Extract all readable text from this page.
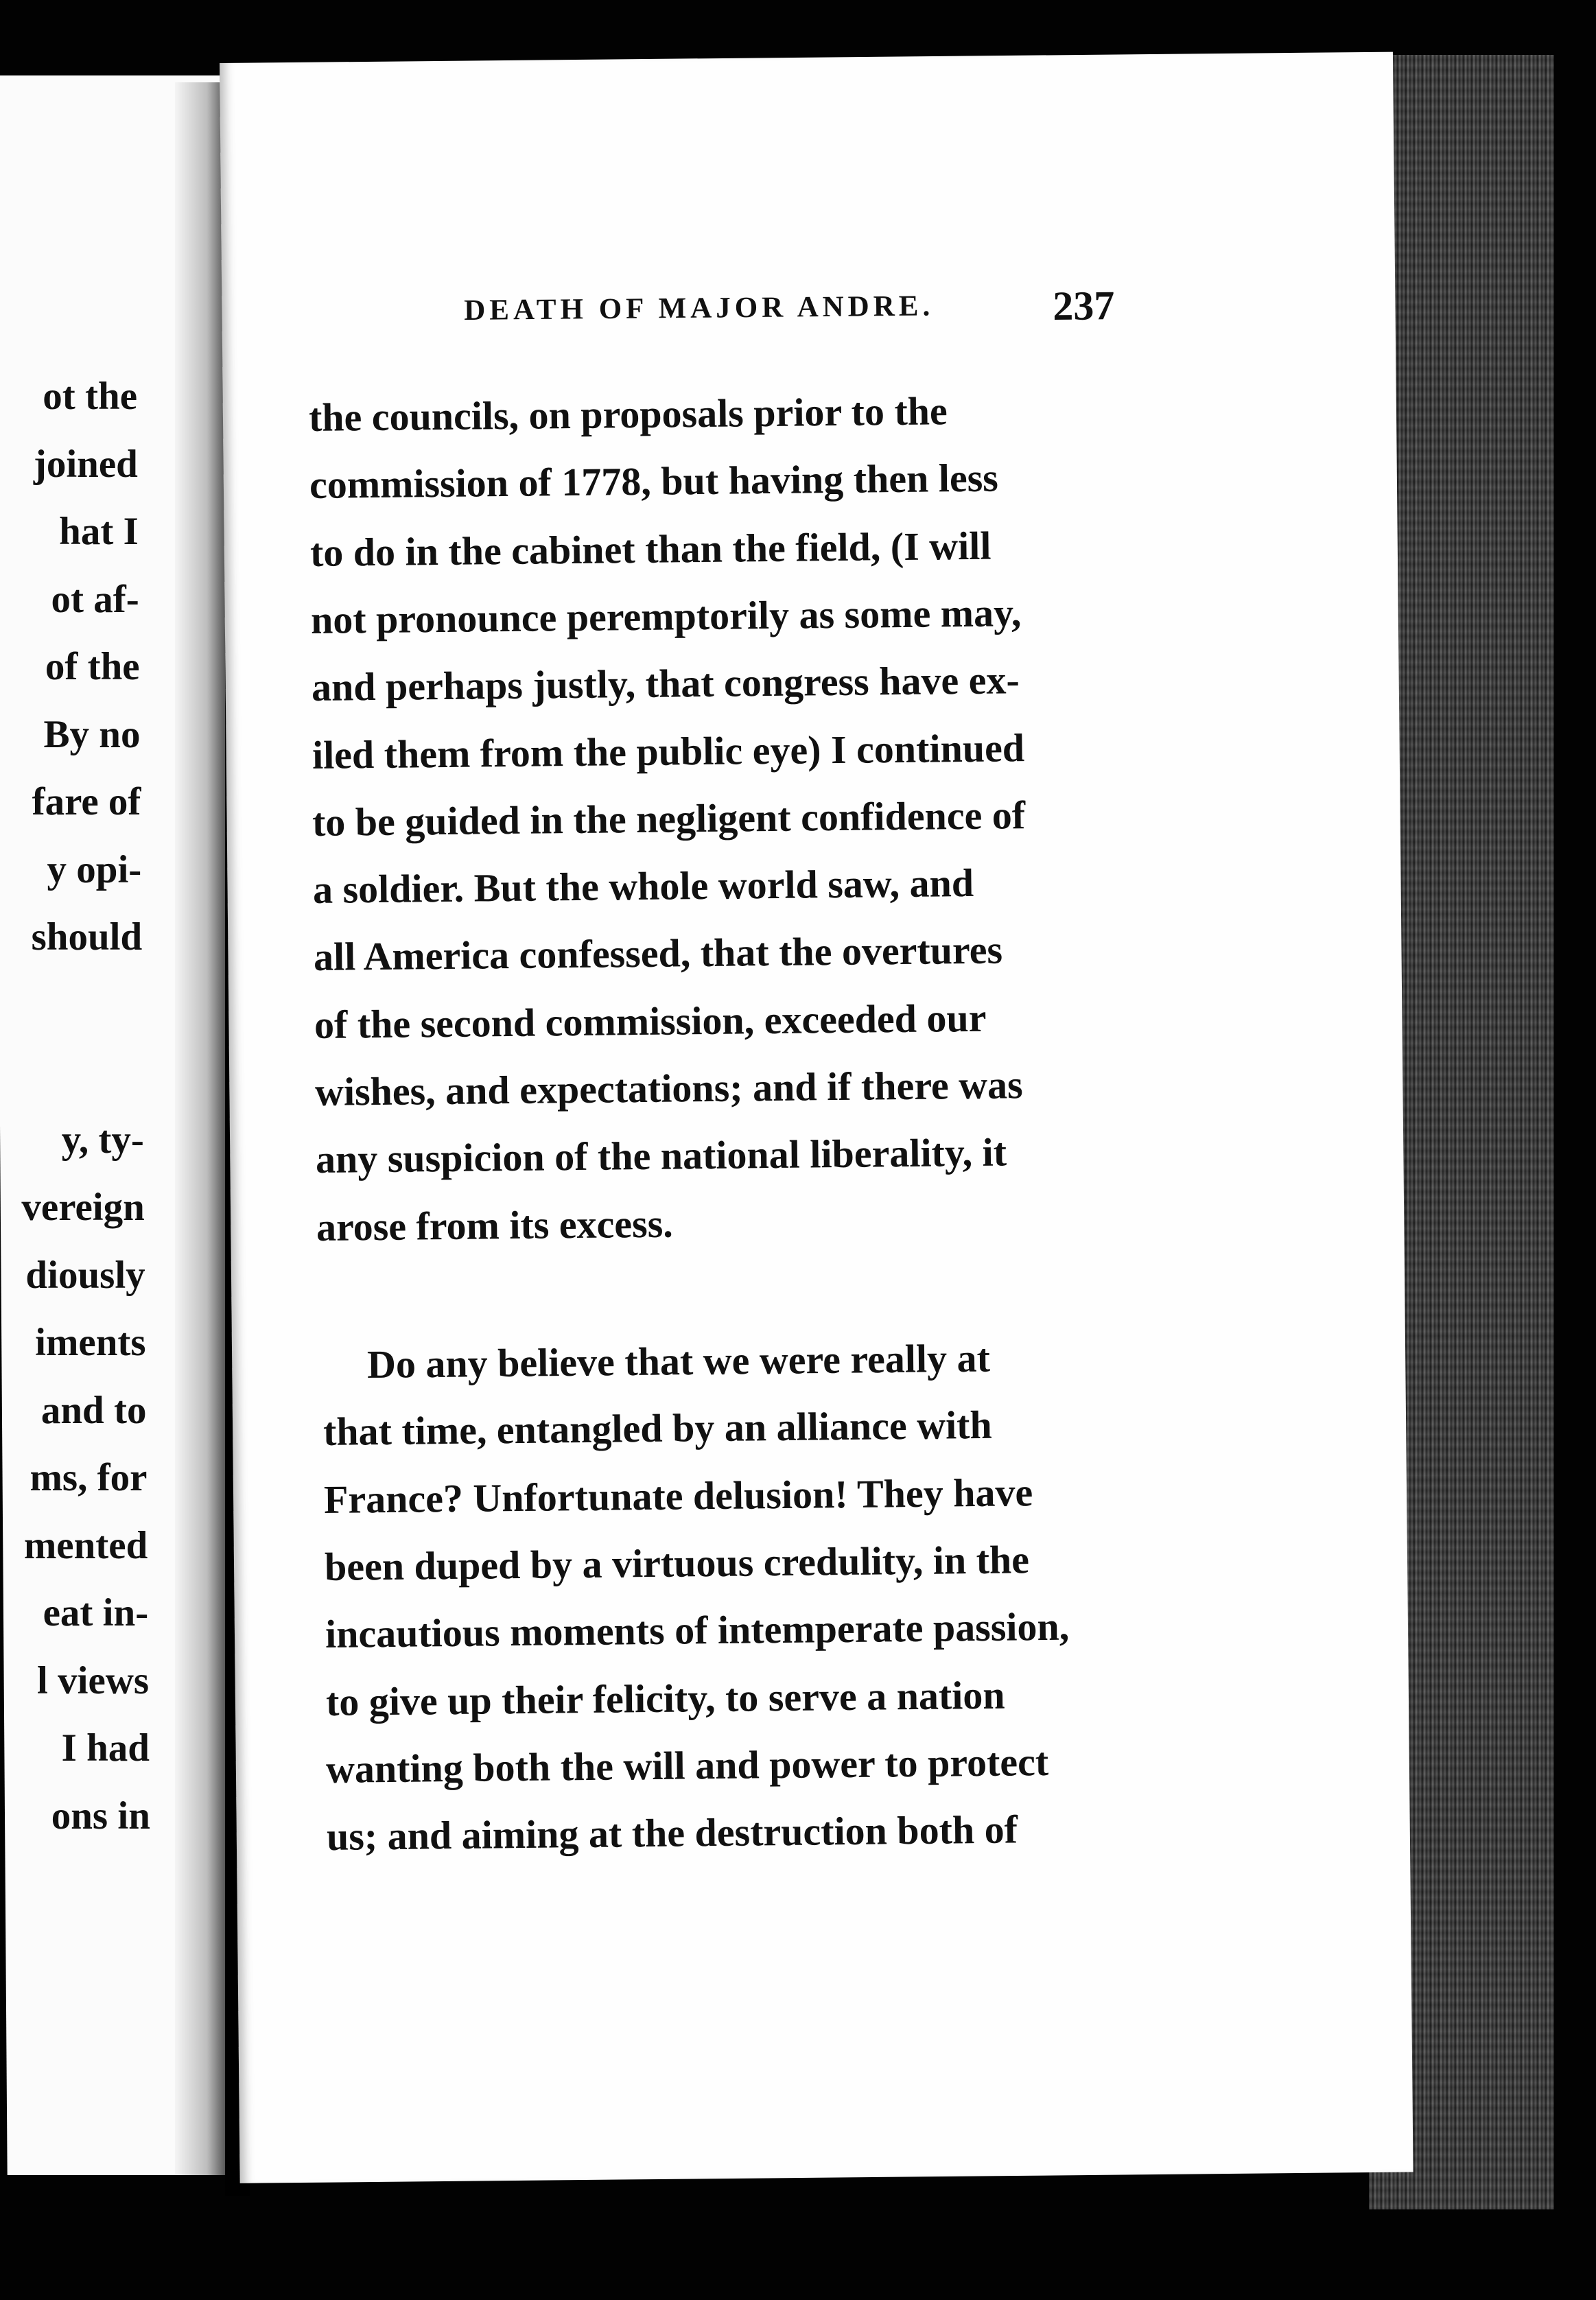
ot the
joined
hat I
ot af-
of the
By no
fare of
y opi-
should
y, ty-
vereign
diously
iments
and to
ms, for
mented
eat in-
l views
I had
ons in
DEATH OF MAJOR ANDRE.	237
the councils, on proposals prior to the
commission of 1778, but having then less
to do in the cabinet than the field, (I will
not pronounce peremptorily as some may,
and perhaps justly, that congress have ex-
iled them from the public eye) I continued
to be guided in the negligent confidence of
a soldier. But the whole world saw, and
all America confessed, that the overtures
of the second commission, exceeded our
wishes, and expectations; and if there was
any suspicion of the national liberality, it
arose from its excess.
Do any believe that we were really at
that time, entangled by an alliance with
France? Unfortunate delusion! They have
been duped by a virtuous credulity, in the
incautious moments of intemperate passion,
to give up their felicity, to serve a nation
wanting both the will and power to protect
us; and aiming at the destruction both of
